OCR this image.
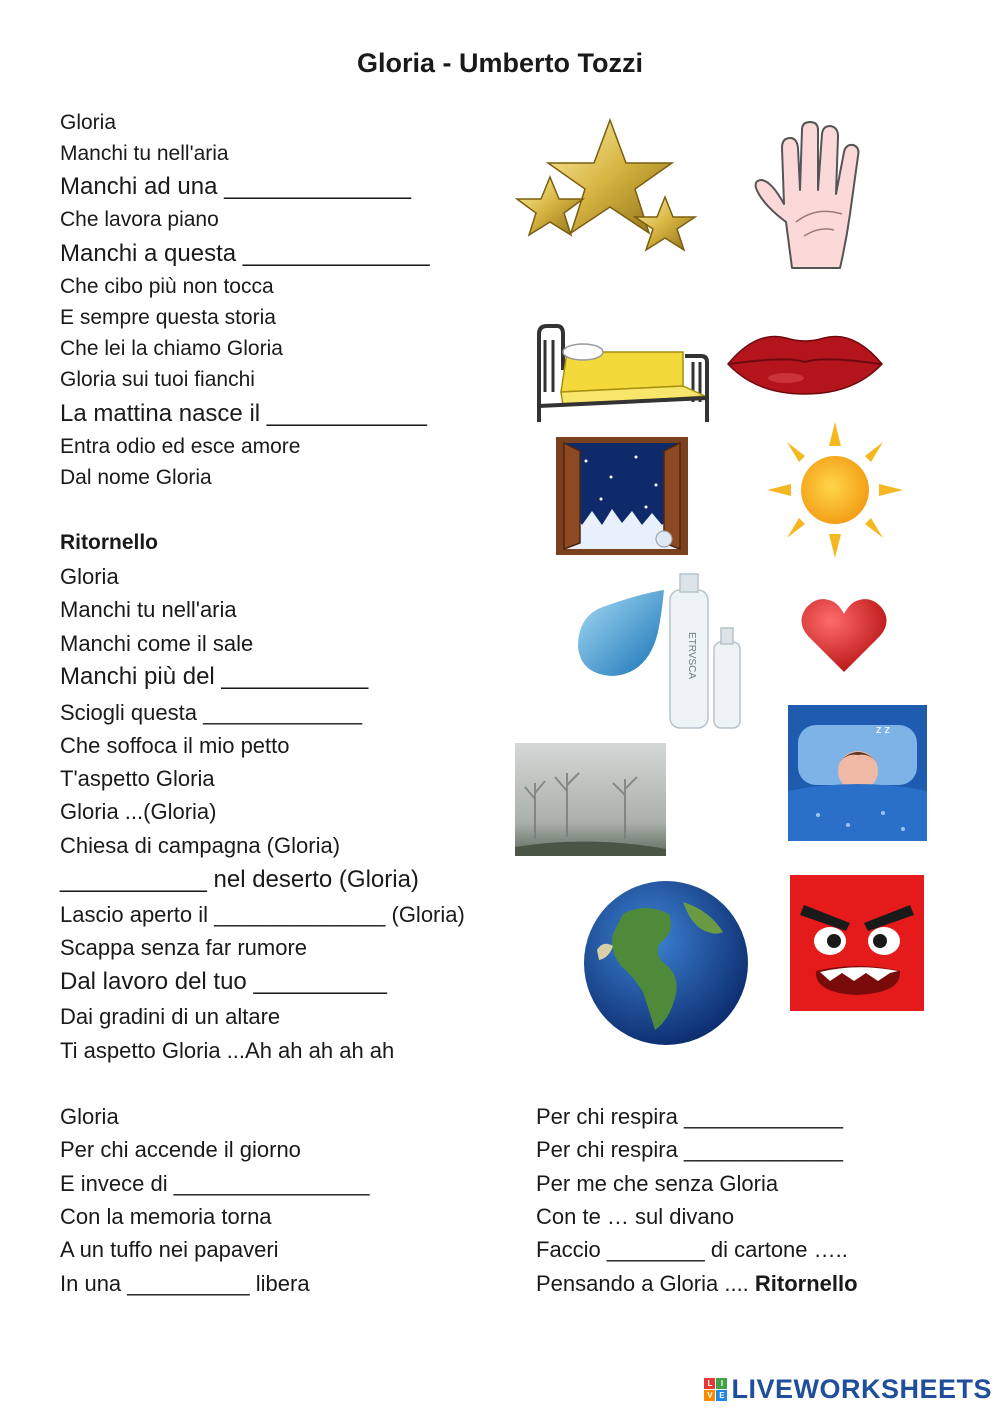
Gloria - Umberto Tozzi
Gloria
Manchi tu nell'aria
Manchi ad una ______________
Che lavora piano
Manchi a questa ______________
Che cibo più non tocca
E sempre questa storia
Che lei la chiamo Gloria
Gloria sui tuoi fianchi
La mattina nasce il ____________
Entra odio ed esce amore
Dal nome Gloria
Ritornello
Gloria
Manchi tu nell'aria
Manchi come il sale
Manchi più del ___________
Sciogli questa _____________
Che soffoca il mio petto
T'aspetto Gloria
Gloria ...(Gloria)
Chiesa di campagna (Gloria)
___________ nel deserto (Gloria)
Lascio aperto il ______________ (Gloria)
Scappa senza far rumore
Dal lavoro del tuo __________
Dai gradini di un altare
Ti aspetto Gloria ...Ah ah ah ah ah
Gloria
Per chi accende il giorno
E invece di ________________
Con la memoria torna
A un tuffo nei papaveri
In una __________ libera
Per chi respira _____________
Per chi respira _____________
Per me che senza Gloria
Con te … sul divano
Faccio ________ di cartone …..
Pensando a Gloria .... Ritornello
ETRVSCA
z z
L	I
V E LIVEWORKSHEETS
